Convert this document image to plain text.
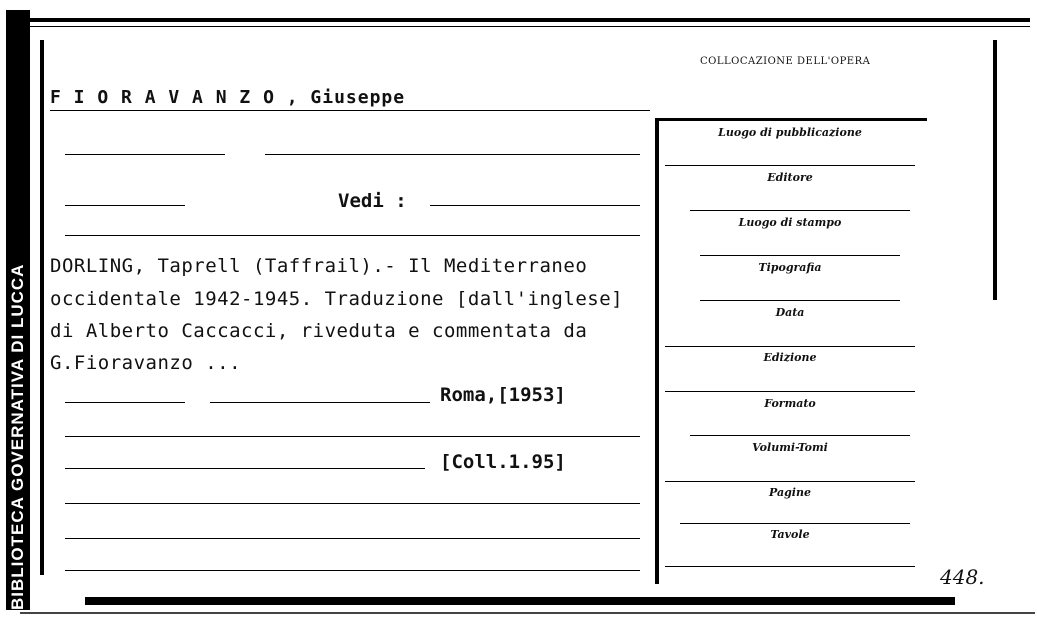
BIBLIOTECA GOVERNATIVA DI LUCCA
COLLOCAZIONE DELL'OPERA
F I O R A V A N Z O , Giuseppe
Vedi :
DORLING, Taprell (Taffrail).- Il Mediterraneo
occidentale 1942-1945. Traduzione [dall'inglese]
di Alberto Caccacci, riveduta e commentata da
G.Fioravanzo ...
Roma,[1953]
[Coll.1.95]
Luogo di pubblicazione
Editore
Luogo di stampo
Tipografia
Data
Edizione
Formato
Volumi-Tomi
Pagine
Tavole
448.
